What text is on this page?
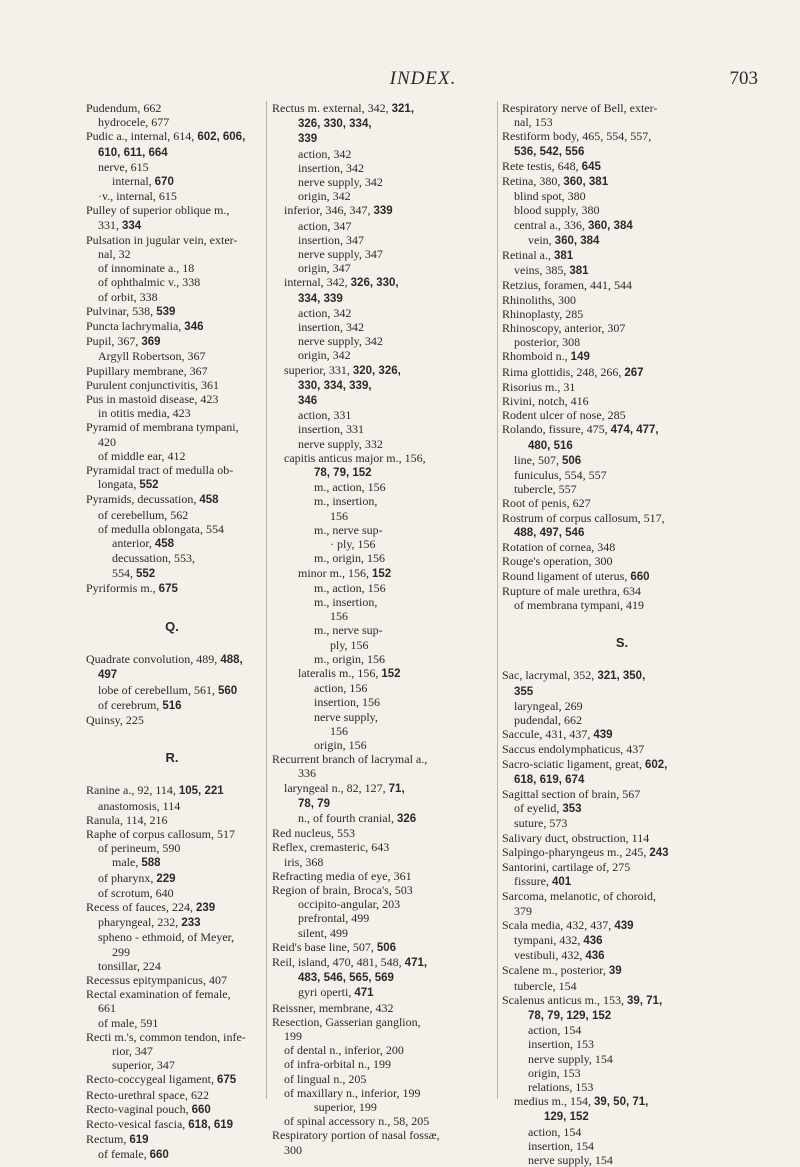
INDEX.	703
Pudendum, 662
hydrocele, 677
Pudic a., internal, 614, 602, 606,
610, 611, 664
nerve, 615
internal, 670
·v., internal, 615
Pulley of superior oblique m.,
331, 334
Pulsation in jugular vein, exter-
nal, 32
of innominate a., 18
of ophthalmic v., 338
of orbit, 338
Pulvinar, 538, 539
Puncta lachrymalia, 346
Pupil, 367, 369
Argyll Robertson, 367
Pupillary membrane, 367
Purulent conjunctivitis, 361
Pus in mastoid disease, 423
in otitis media, 423
Pyramid of membrana tympani,
420
of middle ear, 412
Pyramidal tract of medulla ob-
longata, 552
Pyramids, decussation, 458
of cerebellum, 562
of medulla oblongata, 554
anterior, 458
decussation, 553,
554, 552
Pyriformis m., 675
Q.
Quadrate convolution, 489, 488,
497
lobe of cerebellum, 561, 560
of cerebrum, 516
Quinsy, 225
R.
Ranine a., 92, 114, 105, 221
anastomosis, 114
Ranula, 114, 216
Raphe of corpus callosum, 517
of perineum, 590
male, 588
of pharynx, 229
of scrotum, 640
Recess of fauces, 224, 239
pharyngeal, 232, 233
spheno - ethmoid, of Meyer,
299
tonsillar, 224
Recessus epitympanicus, 407
Rectal examination of female,
661
of male, 591
Recti m.'s, common tendon, infe-
rior, 347
superior, 347
Recto-coccygeal ligament, 675
Recto-urethral space, 622
Recto-vaginal pouch, 660
Recto-vesical fascia, 618, 619
Rectum, 619
of female, 660
Rectus m. external, 342, 321,
326, 330, 334,
339
action, 342
insertion, 342
nerve supply, 342
origin, 342
inferior, 346, 347, 339
action, 347
insertion, 347
nerve supply, 347
origin, 347
internal, 342, 326, 330,
334, 339
action, 342
insertion, 342
nerve supply, 342
origin, 342
superior, 331, 320, 326,
330, 334, 339,
346
action, 331
insertion, 331
nerve supply, 332
capitis anticus major m., 156,
78, 79, 152
m., action, 156
m., insertion,
156
m., nerve sup-
· ply, 156
m., origin, 156
minor m., 156, 152
m., action, 156
m., insertion,
156
m., nerve sup-
ply, 156
m., origin, 156
lateralis m., 156, 152
action, 156
insertion, 156
nerve supply,
156
origin, 156
Recurrent branch of lacrymal a.,
336
laryngeal n., 82, 127, 71,
78, 79
n., of fourth cranial, 326
Red nucleus, 553
Reflex, cremasteric, 643
iris, 368
Refracting media of eye, 361
Region of brain, Broca's, 503
occipito-angular, 203
prefrontal, 499
silent, 499
Reid's base line, 507, 506
Reil, island, 470, 481, 548, 471,
483, 546, 565, 569
gyri operti, 471
Reissner, membrane, 432
Resection, Gasserian ganglion,
199
of dental n., inferior, 200
of infra-orbital n., 199
of lingual n., 205
of maxillary n., inferior, 199
superior, 199
of spinal accessory n., 58, 205
Respiratory portion of nasal fossæ,
300
Respiratory nerve of Bell, exter-
nal, 153
Restiform body, 465, 554, 557,
536, 542, 556
Rete testis, 648, 645
Retina, 380, 360, 381
blind spot, 380
blood supply, 380
central a., 336, 360, 384
vein, 360, 384
Retinal a., 381
veins, 385, 381
Retzius, foramen, 441, 544
Rhinoliths, 300
Rhinoplasty, 285
Rhinoscopy, anterior, 307
posterior, 308
Rhomboid n., 149
Rima glottidis, 248, 266, 267
Risorius m., 31
Rivini, notch, 416
Rodent ulcer of nose, 285
Rolando, fissure, 475, 474, 477,
480, 516
line, 507, 506
funiculus, 554, 557
tubercle, 557
Root of penis, 627
Rostrum of corpus callosum, 517,
488, 497, 546
Rotation of cornea, 348
Rouge's operation, 300
Round ligament of uterus, 660
Rupture of male urethra, 634
of membrana tympani, 419
S.
Sac, lacrymal, 352, 321, 350,
355
laryngeal, 269
pudendal, 662
Saccule, 431, 437, 439
Saccus endolymphaticus, 437
Sacro-sciatic ligament, great, 602,
618, 619, 674
Sagittal section of brain, 567
of eyelid, 353
suture, 573
Salivary duct, obstruction, 114
Salpingo-pharyngeus m., 245, 243
Santorini, cartilage of, 275
fissure, 401
Sarcoma, melanotic, of choroid,
379
Scala media, 432, 437, 439
tympani, 432, 436
vestibuli, 432, 436
Scalene m., posterior, 39
tubercle, 154
Scalenus anticus m., 153, 39, 71,
78, 79, 129, 152
action, 154
insertion, 153
nerve supply, 154
origin, 153
relations, 153
medius m., 154, 39, 50, 71,
129, 152
action, 154
insertion, 154
nerve supply, 154
